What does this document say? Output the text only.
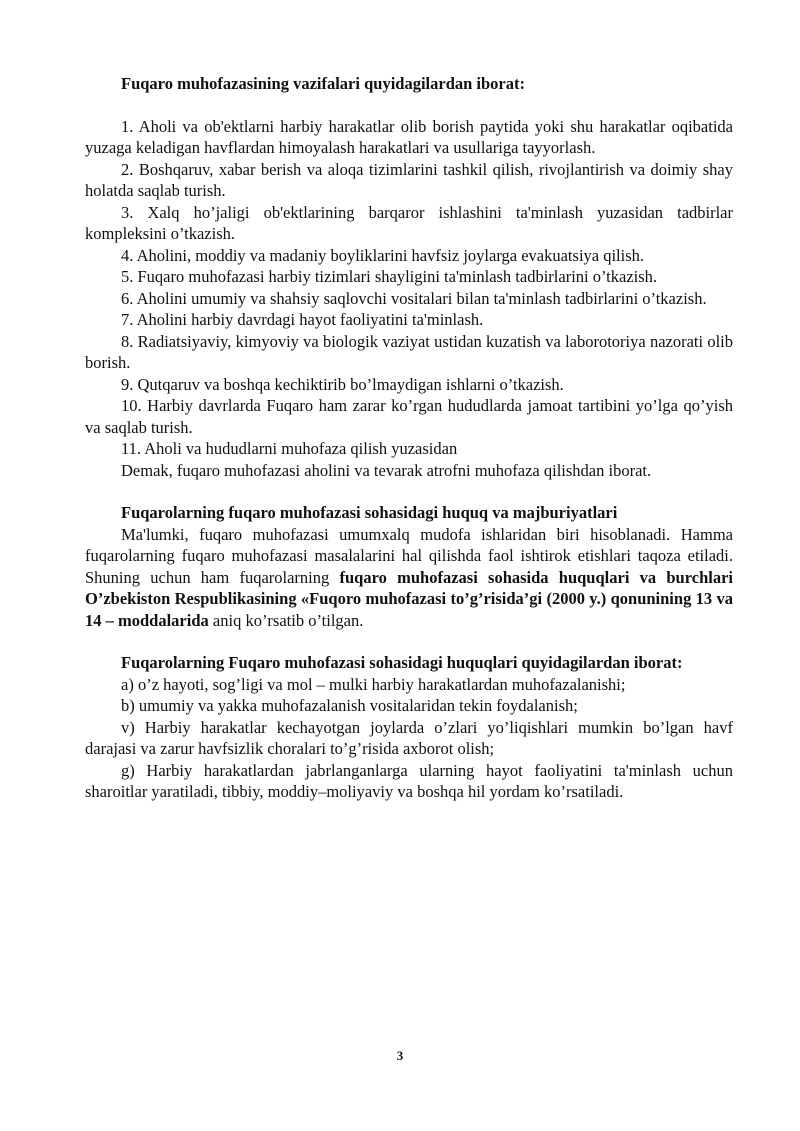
Fuqaro muhofazasining vazifalari quyidagilardan iborat:

1. Aholi va ob'ektlarni harbiy harakatlar olib borish paytida yoki shu harakatlar oqibatida yuzaga keladigan havflardan himoyalash harakatlari va usullariga tayyorlash.

2. Boshqaruv, xabar berish va aloqa tizimlarini tashkil qilish, rivojlantirish va doimiy shay holatda saqlab turish.

3. Xalq ho’jaligi ob'ektlarining barqaror ishlashini ta'minlash yuzasidan tadbirlar kompleksini o’tkazish.

4. Aholini, moddiy va madaniy boyliklarini havfsiz joylarga evakuatsiya qilish.

5. Fuqaro muhofazasi harbiy tizimlari shayligini ta'minlash tadbirlarini o’tkazish.

6. Aholini umumiy va shahsiy saqlovchi vositalari bilan ta'minlash tadbirlarini o’tkazish.

7. Aholini harbiy davrdagi hayot faoliyatini ta'minlash.

8. Radiatsiyaviy, kimyoviy va biologik vaziyat ustidan kuzatish va laborotoriya nazorati olib borish.

9. Qutqaruv va boshqa kechiktirib bo’lmaydigan ishlarni o’tkazish.

10. Harbiy davrlarda Fuqaro ham zarar ko’rgan hududlarda jamoat tartibini yo’lga qo’yish va saqlab turish.

11. Aholi va hududlarni muhofaza qilish yuzasidan

Demak, fuqaro muhofazasi aholini va tevarak atrofni muhofaza qilishdan iborat.

Fuqarolarning fuqaro muhofazasi sohasidagi huquq va majburiyatlari

Ma'lumki, fuqaro muhofazasi umumxalq mudofa ishlaridan biri hisoblanadi. Hamma fuqarolarning fuqaro muhofazasi masalalarini hal qilishda faol ishtirok etishlari taqoza etiladi. Shuning uchun ham fuqarolarning fuqaro muhofazasi sohasida huquqlari va burchlari O’zbekiston Respublikasining «Fuqoro muhofazasi to’g’risida’gi (2000 y.) qonunining 13 va 14 – moddalarida aniq ko’rsatib o’tilgan.

Fuqarolarning Fuqaro muhofazasi sohasidagi huquqlari quyidagilardan iborat:

a) o’z hayoti, sog’ligi va mol – mulki harbiy harakatlardan muhofazalanishi;

b) umumiy va yakka muhofazalanish vositalaridan tekin foydalanish;

v) Harbiy harakatlar kechayotgan joylarda o’zlari yo’liqishlari mumkin bo’lgan havf darajasi va zarur havfsizlik choralari to’g’risida axborot olish;

g) Harbiy harakatlardan jabrlanganlarga ularning hayot faoliyatini ta'minlash uchun sharoitlar yaratiladi, tibbiy, moddiy–moliyaviy va boshqa hil yordam ko’rsatiladi.

3
